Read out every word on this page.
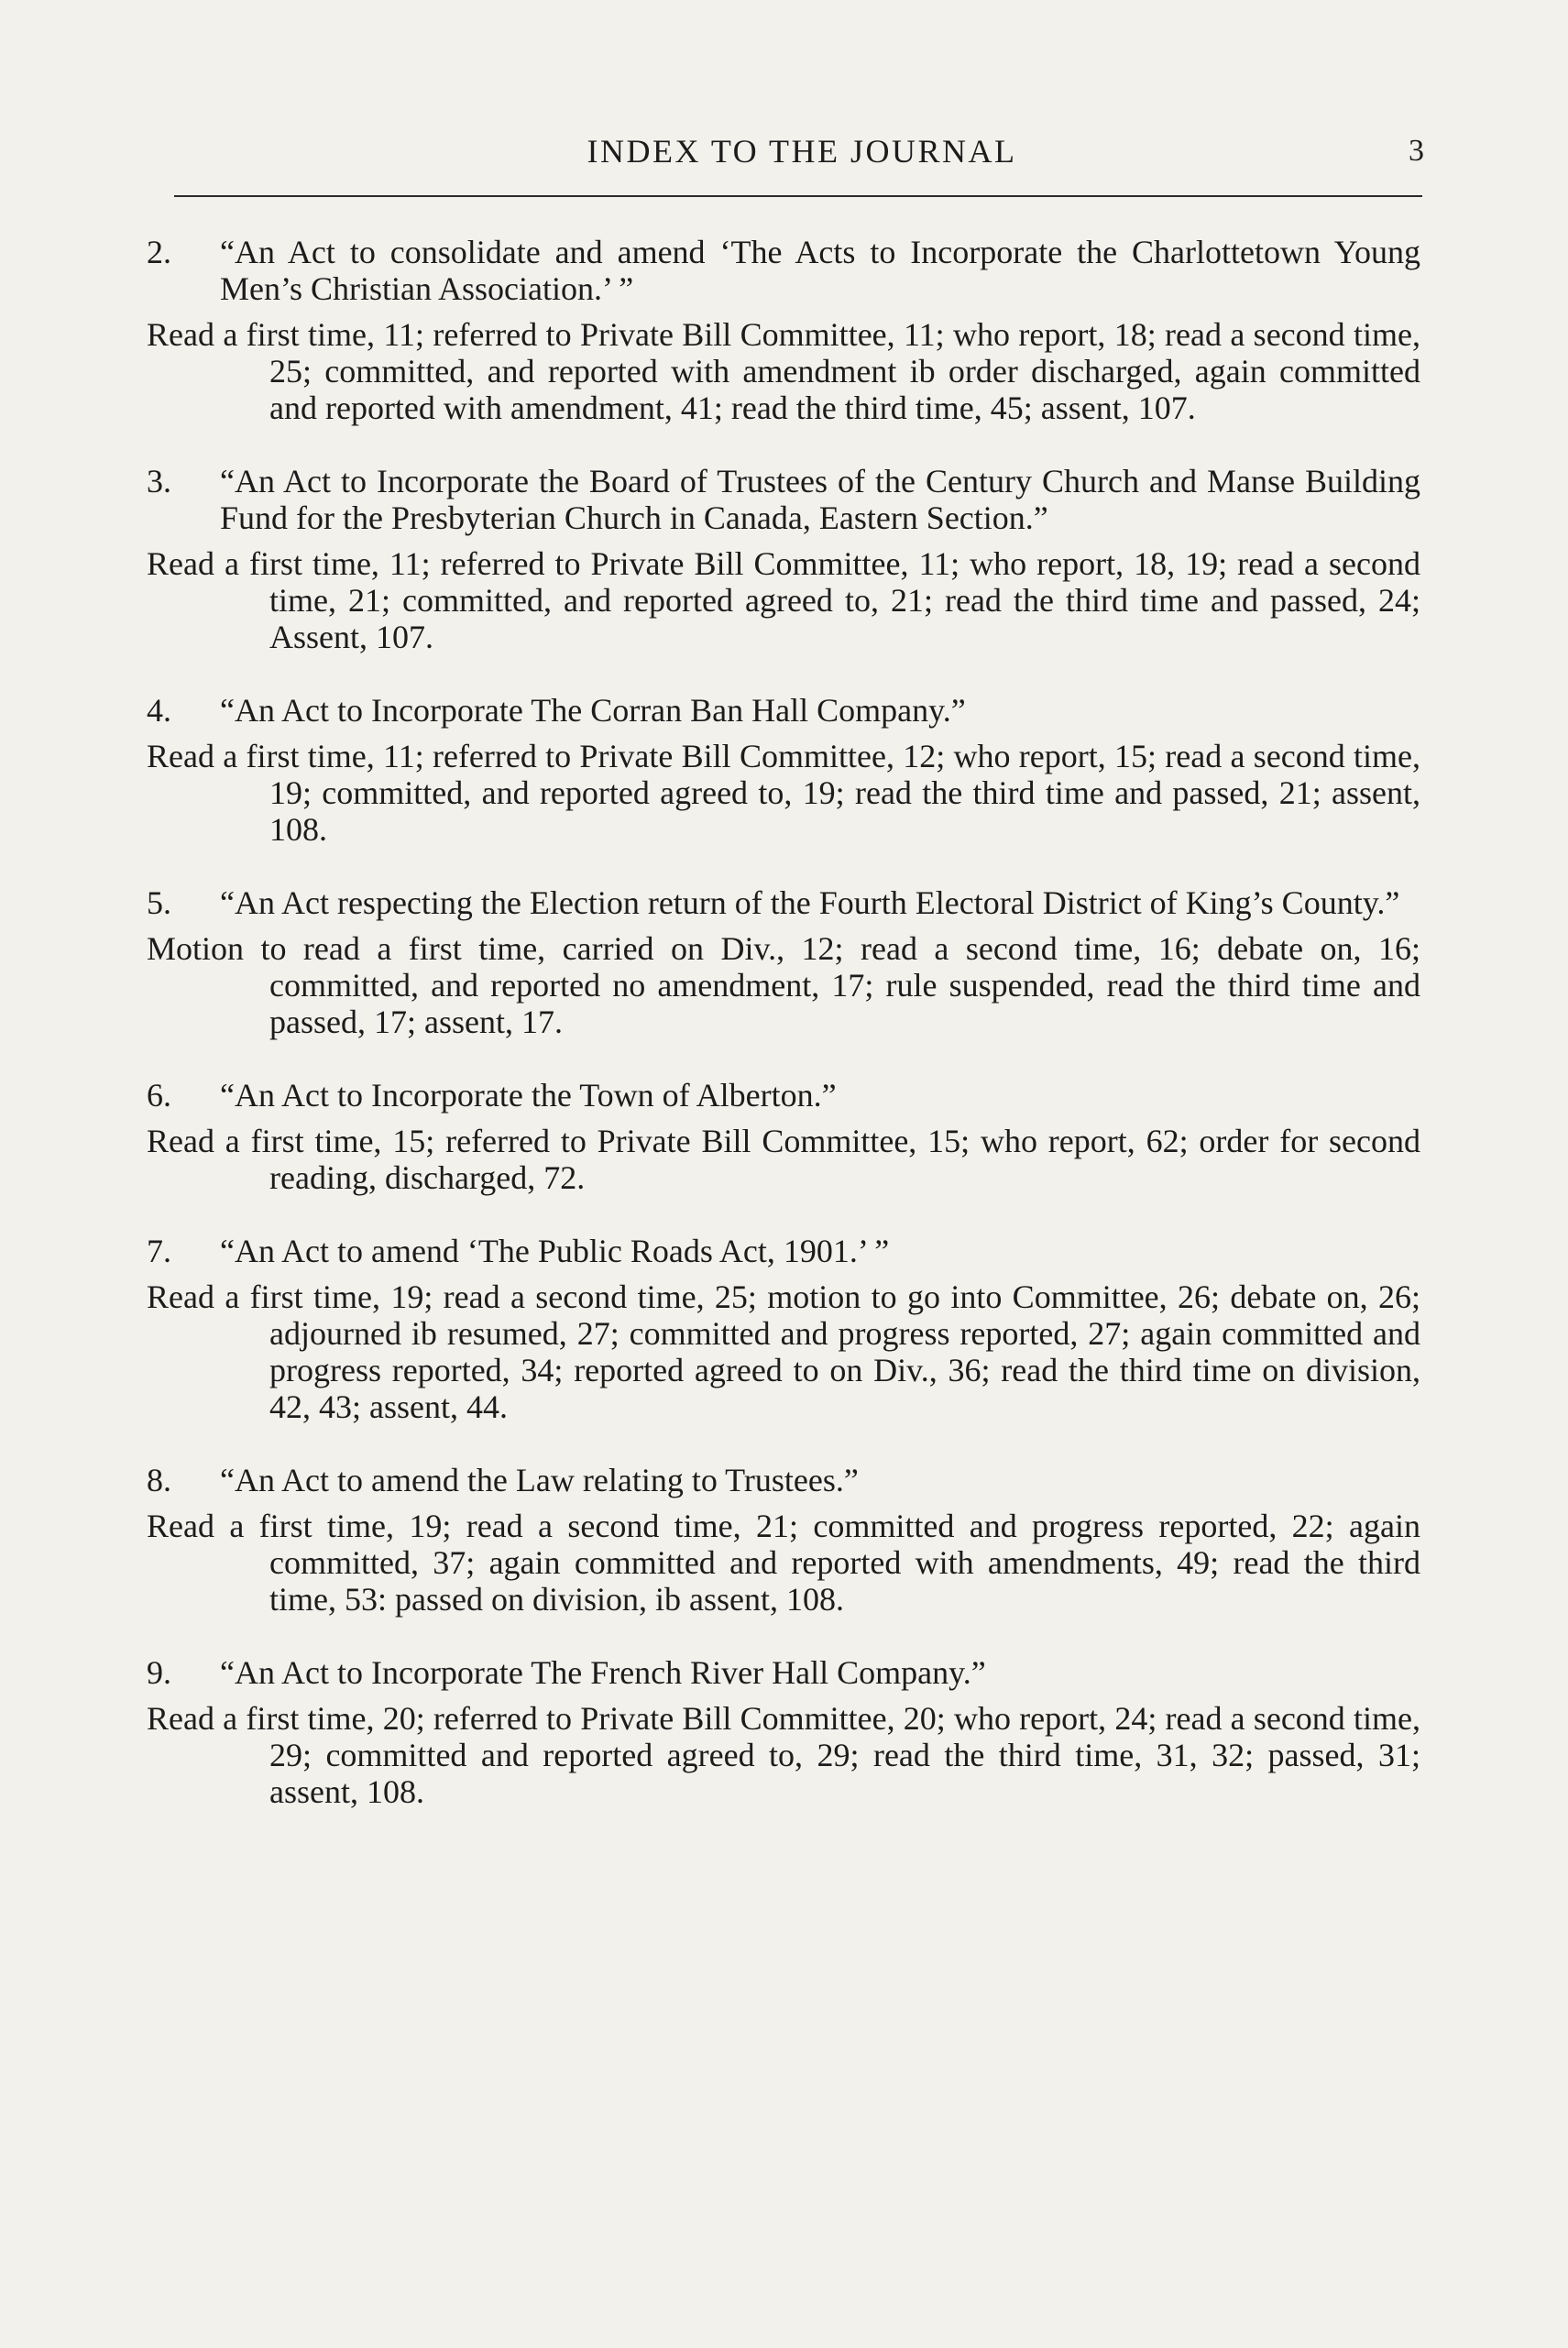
INDEX TO THE JOURNAL	3
2. “An Act to consolidate and amend ‘The Acts to Incorporate the Charlottetown Young Men’s Christian Association.’ ”
Read a first time, 11; referred to Private Bill Committee, 11; who report, 18; read a second time, 25; committed, and reported with amendment ib order discharged, again committed and reported with amendment, 41; read the third time, 45; assent, 107.
3. “An Act to Incorporate the Board of Trustees of the Century Church and Manse Building Fund for the Presbyterian Church in Canada, Eastern Section.”
Read a first time, 11; referred to Private Bill Committee, 11; who report, 18, 19; read a second time, 21; committed, and reported agreed to, 21; read the third time and passed, 24; Assent, 107.
4. “An Act to Incorporate The Corran Ban Hall Company.”
Read a first time, 11; referred to Private Bill Committee, 12; who report, 15; read a second time, 19; committed, and reported agreed to, 19; read the third time and passed, 21; assent, 108.
5. “An Act respecting the Election return of the Fourth Electoral District of King’s County.”
Motion to read a first time, carried on Div., 12; read a second time, 16; debate on, 16; committed, and reported no amendment, 17; rule suspended, read the third time and passed, 17; assent, 17.
6. “An Act to Incorporate the Town of Alberton.”
Read a first time, 15; referred to Private Bill Committee, 15; who report, 62; order for second reading, discharged, 72.
7. “An Act to amend ‘The Public Roads Act, 1901.’ ”
Read a first time, 19; read a second time, 25; motion to go into Committee, 26; debate on, 26; adjourned ib resumed, 27; committed and progress reported, 27; again committed and progress reported, 34; reported agreed to on Div., 36; read the third time on division, 42, 43; assent, 44.
8. “An Act to amend the Law relating to Trustees.”
Read a first time, 19; read a second time, 21; committed and progress reported, 22; again committed, 37; again committed and reported with amendments, 49; read the third time, 53: passed on division, ib assent, 108.
9. “An Act to Incorporate The French River Hall Company.”
Read a first time, 20; referred to Private Bill Committee, 20; who report, 24; read a second time, 29; committed and reported agreed to, 29; read the third time, 31, 32; passed, 31; assent, 108.
